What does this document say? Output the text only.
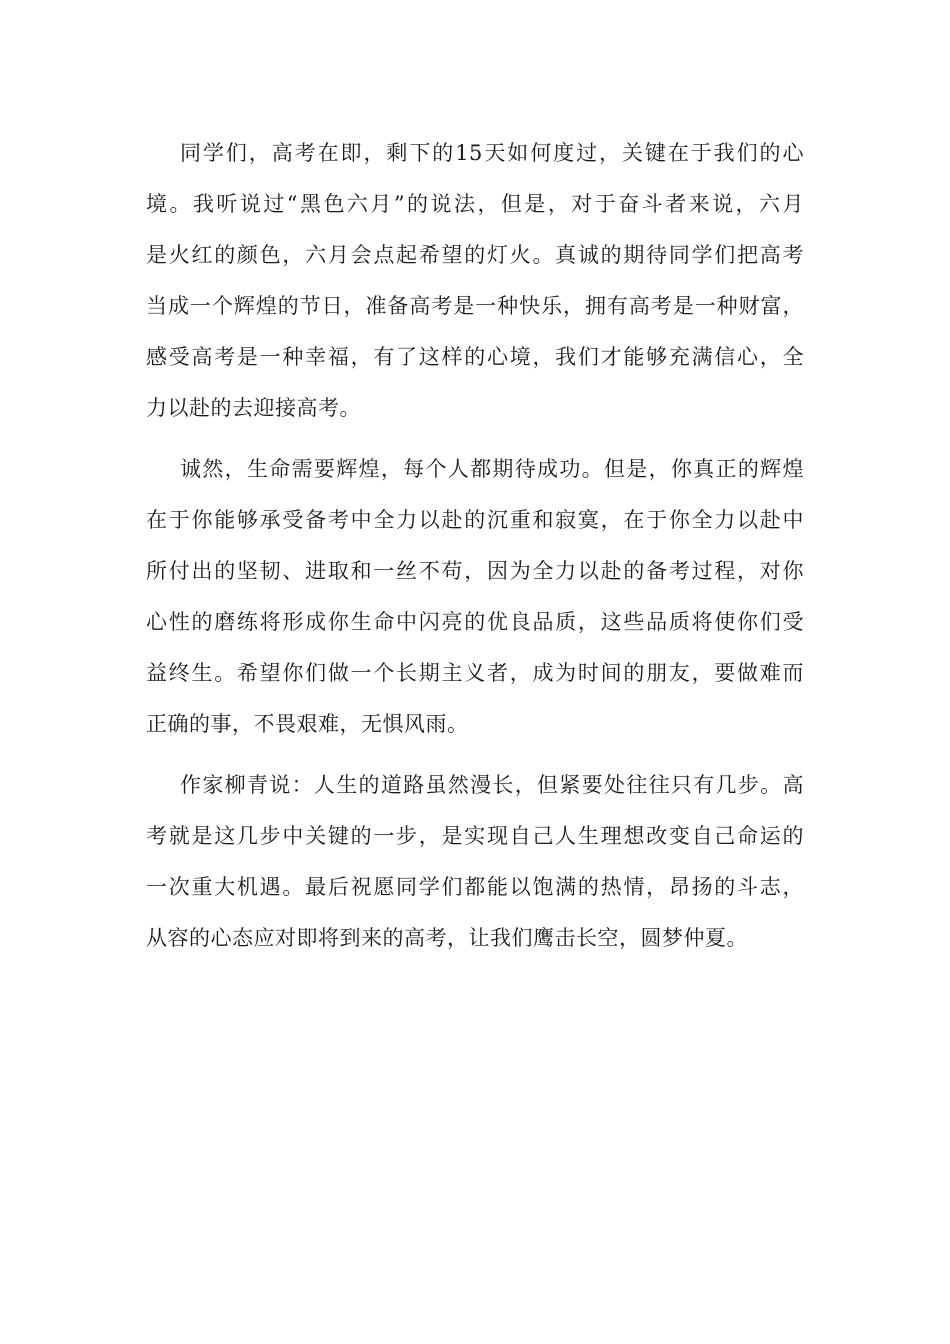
同学们，高考在即，剩下的15天如何度过，关键在于我们的心
境。我听说过“黑色六月”的说法，但是，对于奋斗者来说，六月
是火红的颜色，六月会点起希望的灯火。真诚的期待同学们把高考
当成一个辉煌的节日，准备高考是一种快乐，拥有高考是一种财富，
感受高考是一种幸福，有了这样的心境，我们才能够充满信心，全
力以赴的去迎接高考。
诚然，生命需要辉煌，每个人都期待成功。但是，你真正的辉煌
在于你能够承受备考中全力以赴的沉重和寂寞，在于你全力以赴中
所付出的坚韧、进取和一丝不苟，因为全力以赴的备考过程，对你
心性的磨练将形成你生命中闪亮的优良品质，这些品质将使你们受
益终生。希望你们做一个长期主义者，成为时间的朋友，要做难而
正确的事，不畏艰难，无惧风雨。
作家柳青说：人生的道路虽然漫长，但紧要处往往只有几步。高
考就是这几步中关键的一步，是实现自己人生理想改变自己命运的
一次重大机遇。最后祝愿同学们都能以饱满的热情，昂扬的斗志，
从容的心态应对即将到来的高考，让我们鹰击长空，圆梦仲夏。
